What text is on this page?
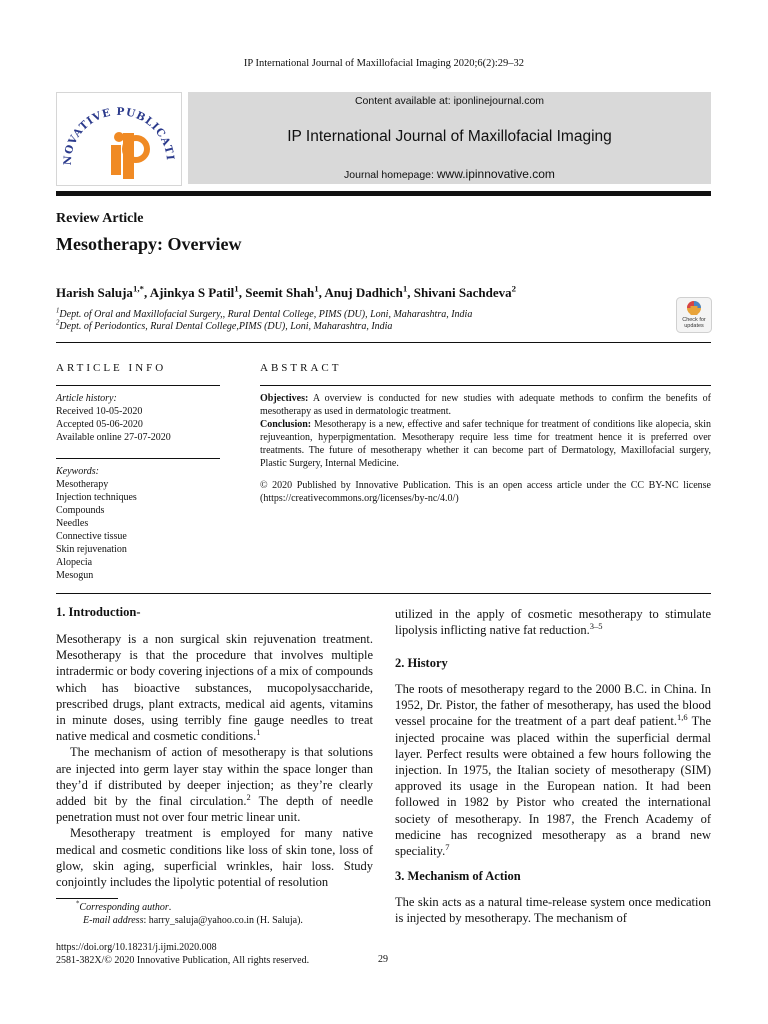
IP International Journal of Maxillofacial Imaging 2020;6(2):29–32
NOVATIVE PUBLICATI
Content available at: iponlinejournal.com
IP International Journal of Maxillofacial Imaging
Journal homepage: www.ipinnovative.com
Review Article
Mesotherapy: Overview
Harish Saluja$^{1,*}$, Ajinkya S Patil$^1$, Seemit Shah$^1$, Anuj Dadhich$^1$, Shivani Sachdeva$^2$
$^1$Dept. of Oral and Maxillofacial Surgery,, Rural Dental College, PIMS (DU), Loni, Maharashtra, India
$^2$Dept. of Periodontics, Rural Dental College,PIMS (DU), Loni, Maharashtra, India
Check for updates
ARTICLE INFO	ABSTRACT
Article history:
Received 10-05-2020
Accepted 05-06-2020
Available online 27-07-2020
Keywords:
Mesotherapy
Injection techniques
Compounds
Needles
Connective tissue
Skin rejuvenation
Alopecia
Mesogun

Objectives: A overview is conducted for new studies with adequate methods to confirm the benefits of mesotherapy as used in dermatologic treatment.

Conclusion: Mesotherapy is a new, effective and safer technique for treatment of conditions like alopecia, skin rejuveantion, hyperpigmentation. Mesotherapy require less time for treatment hence it is preferred over treatments. The future of mesotherapy whether it can become part of Dermatology, Maxillofacial surgery, Plastic Surgery, Internal Medicine.

© 2020 Published by Innovative Publication. This is an open access article under the CC BY-NC license (https://creativecommons.org/licenses/by-nc/4.0/)

1. Introduction-

Mesotherapy is a non surgical skin rejuvenation treatment. Mesotherapy is that the procedure that involves multiple intradermic or body covering injections of a mix of compounds which has bioactive substances, mucopolysaccharide, prescribed drugs, plant extracts, medical aid agents, vitamins in minute doses, using terribly fine gauge needles to treat native medical and cosmetic conditions.$^1$

The mechanism of action of mesotherapy is that solutions are injected into germ layer stay within the space longer than they’d if distributed by deeper injection; as they’re clearly added bit by the final circulation.$^2$ The depth of needle penetration must not over four metric linear unit.

Mesotherapy treatment is employed for many native medical and cosmetic conditions like loss of skin tone, loss of glow, skin aging, superficial wrinkles, hair loss. Study conjointly includes the lipolytic potential of resolution

utilized in the apply of cosmetic mesotherapy to stimulate lipolysis inflicting native fat reduction.$^{3-5}$

2. History

The roots of mesotherapy regard to the 2000 B.C. in China. In 1952, Dr. Pistor, the father of mesotherapy, has used the blood vessel procaine for the treatment of a part deaf patient.$^{1,6}$ The injected procaine was placed within the superficial dermal layer. Perfect results were obtained a few hours following the injection. In 1975, the Italian society of mesotherapy (SIM) approved its usage in the European nation. It had been followed in 1982 by Pistor who created the international society of mesotherapy. In 1987, the French Academy of medicine has recognized mesotherapy as a brand new speciality.$^7$

3. Mechanism of Action

The skin acts as a natural time-release system once medication is injected by mesotherapy. The mechanism of

*Corresponding author.
E-mail address: harry_saluja@yahoo.co.in (H. Saluja).
https://doi.org/10.18231/j.ijmi.2020.008
2581-382X/© 2020 Innovative Publication, All rights reserved.	29
